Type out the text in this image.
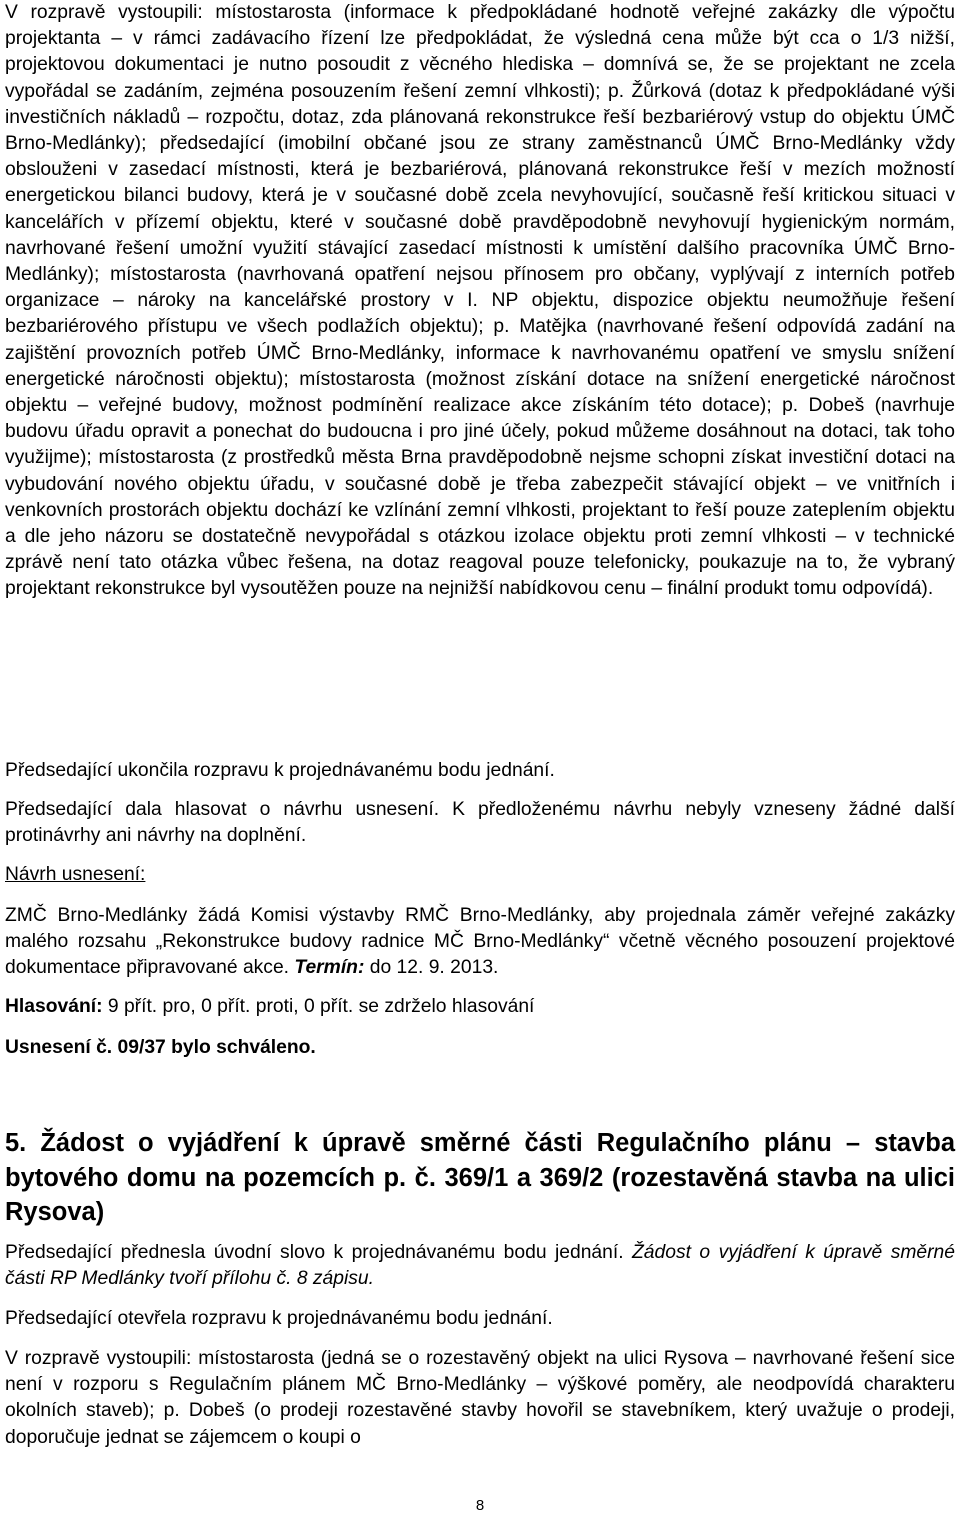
V rozpravě vystoupili: místostarosta (informace k předpokládané hodnotě veřejné zakázky dle výpočtu projektanta – v rámci zadávacího řízení lze předpokládat, že výsledná cena může být cca o 1/3 nižší, projektovou dokumentaci je nutno posoudit z věcného hlediska – domnívá se, že se projektant ne zcela vypořádal se zadáním, zejména posouzením řešení zemní vlhkosti); p. Žůrková (dotaz k předpokládané výši investičních nákladů – rozpočtu, dotaz, zda plánovaná rekonstrukce řeší bezbariérový vstup do objektu ÚMČ Brno-Medlánky); předsedající (imobilní občané jsou ze strany zaměstnanců ÚMČ Brno-Medlánky vždy obslouženi v zasedací místnosti, která je bezbariérová, plánovaná rekonstrukce řeší v mezích možností energetickou bilanci budovy, která je v současné době zcela nevyhovující, současně řeší kritickou situaci v kancelářích v přízemí objektu, které v současné době pravděpodobně nevyhovují hygienickým normám, navrhované řešení umožní využití stávající zasedací místnosti k umístění dalšího pracovníka ÚMČ Brno-Medlánky); místostarosta (navrhovaná opatření nejsou přínosem pro občany, vyplývají z interních potřeb organizace – nároky na kancelářské prostory v I. NP objektu, dispozice objektu neumožňuje řešení bezbariérového přístupu ve všech podlažích objektu); p. Matějka (navrhované řešení odpovídá zadání na zajištění provozních potřeb ÚMČ Brno-Medlánky, informace k navrhovanému opatření ve smyslu snížení energetické náročnosti objektu); místostarosta (možnost získání dotace na snížení energetické náročnost objektu – veřejné budovy, možnost podmínění realizace akce získáním této dotace); p. Dobeš (navrhuje budovu úřadu opravit a ponechat do budoucna i pro jiné účely, pokud můžeme dosáhnout na dotaci, tak toho využijme); místostarosta (z prostředků města Brna pravděpodobně nejsme schopni získat investiční dotaci na vybudování nového objektu úřadu, v současné době je třeba zabezpečit stávající objekt – ve vnitřních i venkovních prostorách objektu dochází ke vzlínání zemní vlhkosti, projektant to řeší pouze zateplením objektu a dle jeho názoru se dostatečně nevypořádal s otázkou izolace objektu proti zemní vlhkosti – v technické zprávě není tato otázka vůbec řešena, na dotaz reagoval pouze telefonicky, poukazuje na to, že vybraný projektant rekonstrukce byl vysoutěžen pouze na nejnižší nabídkovou cenu – finální produkt tomu odpovídá).

Předsedající ukončila rozpravu k projednávanému bodu jednání.

Předsedající dala hlasovat o návrhu usnesení. K předloženému návrhu nebyly vzneseny žádné další protinávrhy ani návrhy na doplnění.

Návrh usnesení:

ZMČ Brno-Medlánky žádá Komisi výstavby RMČ Brno-Medlánky, aby projednala záměr veřejné zakázky malého rozsahu „Rekonstrukce budovy radnice MČ Brno-Medlánky“ včetně věcného posouzení projektové dokumentace připravované akce. Termín: do 12. 9. 2013.

Hlasování: 9 přít. pro, 0 přít. proti, 0 přít. se zdrželo hlasování

Usnesení č. 09/37 bylo schváleno.

5. Žádost o vyjádření k úpravě směrné části Regulačního plánu – stavba bytového domu na pozemcích p. č. 369/1 a 369/2 (rozestavěná stavba na ulici Rysova)

Předsedající přednesla úvodní slovo k projednávanému bodu jednání. Žádost o vyjádření k úpravě směrné části RP Medlánky tvoří přílohu č. 8 zápisu.

Předsedající otevřela rozpravu k projednávanému bodu jednání.

V rozpravě vystoupili: místostarosta (jedná se o rozestavěný objekt na ulici Rysova – navrhované řešení sice není v rozporu s Regulačním plánem MČ Brno-Medlánky – výškové poměry, ale neodpovídá charakteru okolních staveb); p. Dobeš (o prodeji rozestavěné stavby hovořil se stavebníkem, který uvažuje o prodeji, doporučuje jednat se zájemcem o koupi o

8
